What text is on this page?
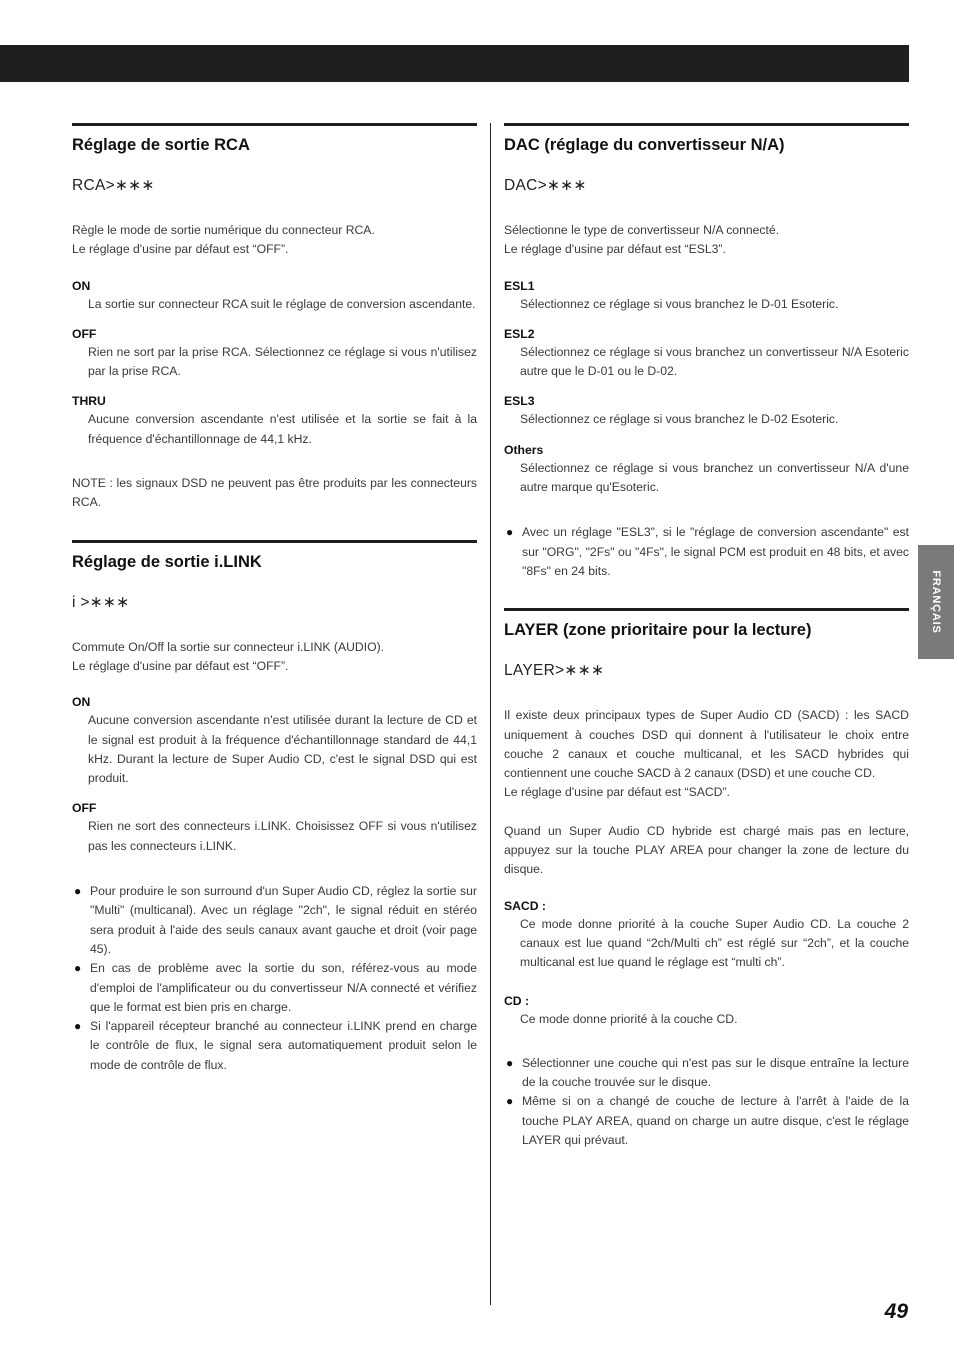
Réglage de sortie RCA
RCA>∗∗∗

Règle le mode de sortie numérique du connecteur RCA.

Le réglage d'usine par défaut est “OFF”.

ON
La sortie sur connecteur RCA suit le réglage de conversion ascendante.
OFF
Rien ne sort par la prise RCA. Sélectionnez ce réglage si vous n'utilisez par la prise RCA.
THRU
Aucune conversion ascendante n'est utilisée et la sortie se fait à la fréquence d'échantillonnage de 44,1 kHz.
NOTE : les signaux DSD ne peuvent pas être produits par les connecteurs RCA.
Réglage de sortie i.LINK
i >∗∗∗

Commute On/Off la sortie sur connecteur i.LINK (AUDIO).

Le réglage d'usine par défaut est “OFF”.

ON
Aucune conversion ascendante n'est utilisée durant la lecture de CD et le signal est produit à la fréquence d'échantillonnage standard de 44,1 kHz. Durant la lecture de Super Audio CD, c'est le signal DSD qui est produit.
OFF
Rien ne sort des connecteurs i.LINK. Choisissez OFF si vous n'utilisez pas les connecteurs i.LINK.
● Pour produire le son surround d'un Super Audio CD, réglez la sortie sur "Multi" (multicanal). Avec un réglage "2ch", le signal réduit en stéréo sera produit à l'aide des seuls canaux avant gauche et droit (voir page 45).
● En cas de problème avec la sortie du son, référez-vous au mode d'emploi de l'amplificateur ou du convertisseur N/A connecté et vérifiez que le format est bien pris en charge.
● Si l'appareil récepteur branché au connecteur i.LINK prend en charge le contrôle de flux, le signal sera automatiquement produit selon le mode de contrôle de flux.
DAC (réglage du convertisseur N/A)
DAC>∗∗∗

Sélectionne le type de convertisseur N/A connecté.

Le réglage d'usine par défaut est “ESL3”.

ESL1
Sélectionnez ce réglage si vous branchez le D-01 Esoteric.
ESL2
Sélectionnez ce réglage si vous branchez un convertisseur N/A Esoteric autre que le D-01 ou le D-02.
ESL3
Sélectionnez ce réglage si vous branchez le D-02 Esoteric.
Others
Sélectionnez ce réglage si vous branchez un convertisseur N/A d'une autre marque qu'Esoteric.
● Avec un réglage "ESL3", si le "réglage de conversion ascendante" est sur "ORG", "2Fs" ou "4Fs", le signal PCM est produit en 48 bits, et avec "8Fs" en 24 bits.
LAYER (zone prioritaire pour la lecture)
LAYER>∗∗∗

Il existe deux principaux types de Super Audio CD (SACD) : les SACD uniquement à couches DSD qui donnent à l'utilisateur le choix entre couche 2 canaux et couche multicanal, et les SACD hybrides qui contiennent une couche SACD à 2 canaux (DSD) et une couche CD.

Le réglage d'usine par défaut est “SACD”.

Quand un Super Audio CD hybride est chargé mais pas en lecture, appuyez sur la touche PLAY AREA pour changer la zone de lecture du disque.
SACD :
Ce mode donne priorité à la couche Super Audio CD. La couche 2 canaux est lue quand “2ch/Multi ch” est réglé sur “2ch”, et la couche multicanal est lue quand le réglage est “multi ch”.
CD :
Ce mode donne priorité à la couche CD.
● Sélectionner une couche qui n'est pas sur le disque entraîne la lecture de la couche trouvée sur le disque.
● Même si on a changé de couche de lecture à l'arrêt à l'aide de la touche PLAY AREA, quand on charge un autre disque, c'est le réglage LAYER qui prévaut.
FRANÇAIS
49
